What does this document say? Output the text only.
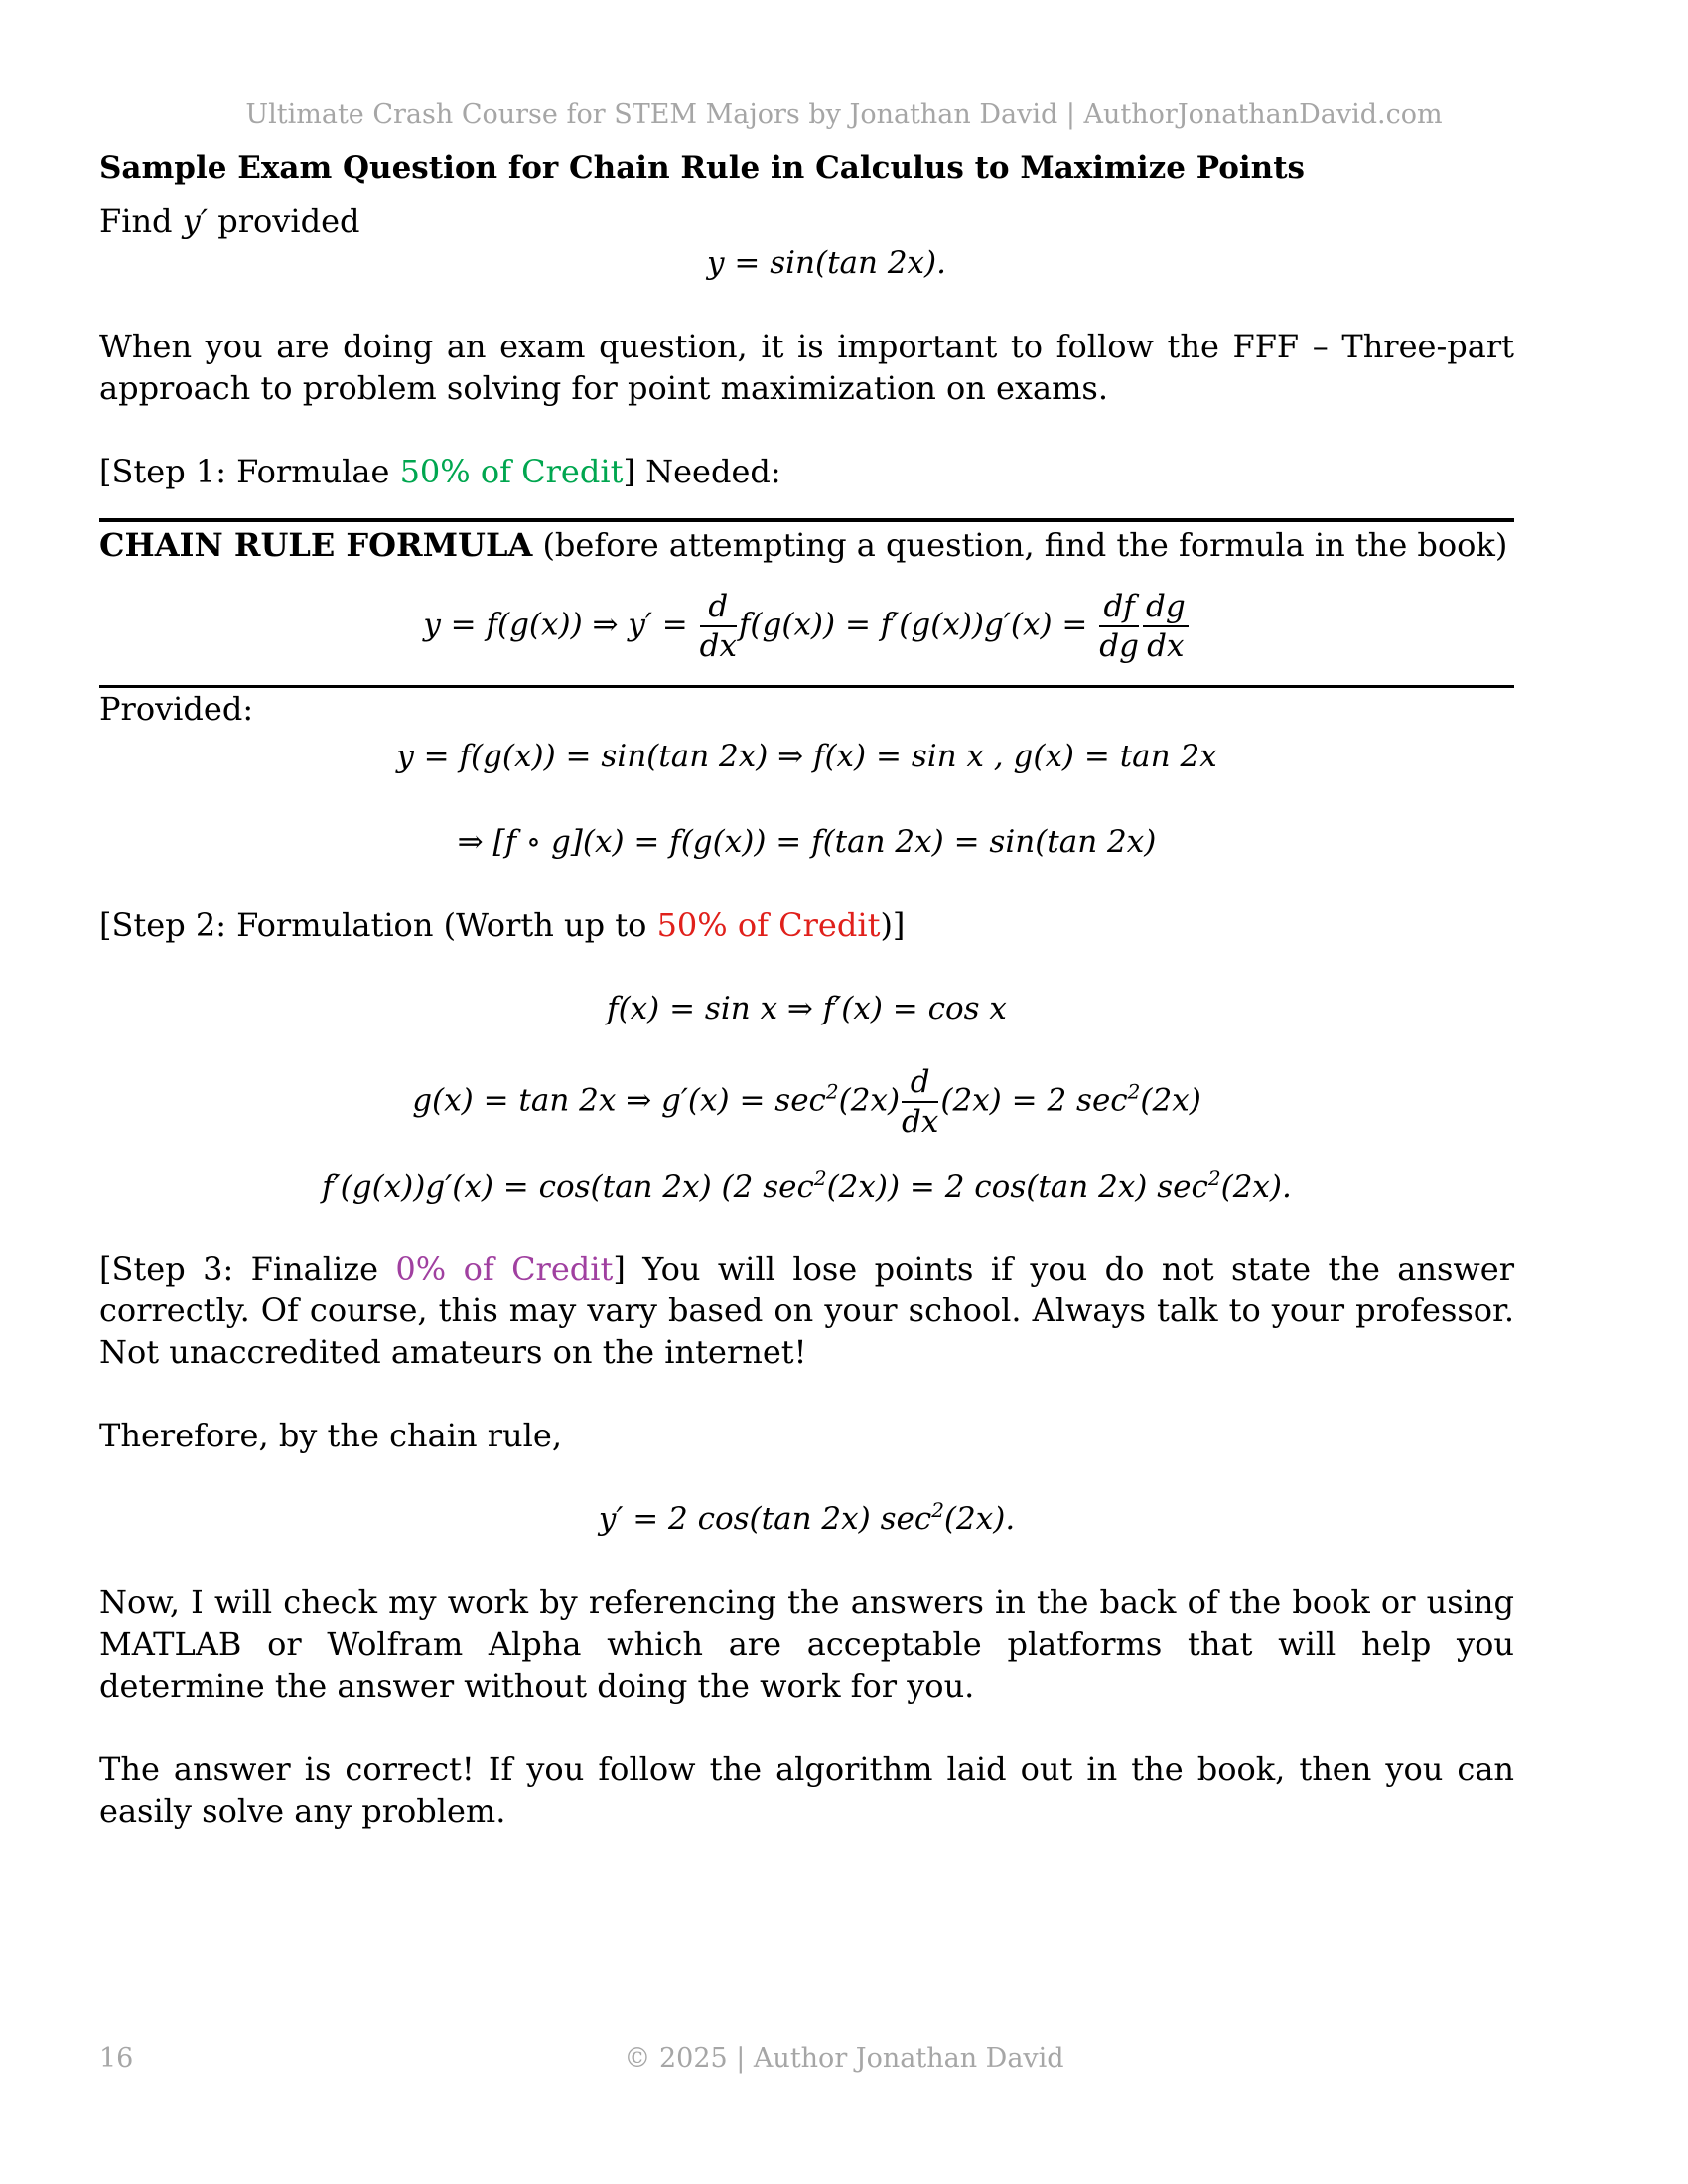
Ultimate Crash Course for STEM Majors by Jonathan David | AuthorJonathanDavid.com

Sample Exam Question for Chain Rule in Calculus to Maximize Points

Find y′ provided

y = sin(tan 2x).

When you are doing an exam question, it is important to follow the FFF – Three-part approach to problem solving for point maximization on exams.

[Step 1: Formulae 50% of Credit] Needed:

CHAIN RULE FORMULA (before attempting a question, find the formula in the book)

y = f(g(x)) ⇒ $y' = \frac{d}{dx} f(g(x)) = f'(g(x))g'(x) = \frac{df}{dg} \frac{dg}{dx}$

Provided:

y = f(g(x)) = sin(tan 2x) ⇒ f(x) = sin x , g(x) = tan 2x

⇒ [f ∘ g](x) = f(g(x)) = f(tan 2x) = sin(tan 2x)

[Step 2: Formulation (Worth up to 50% of Credit)]

f(x) = sin x ⇒ f′(x) = cos x

g(x) = tan 2x ⇒ $g'(x) = \sec^2(2x) \frac{d}{dx} (2x) = 2$ $\sec^2(2x)$

f′(g(x))g′(x) = cos(tan 2x) (2 $\sec^2(2x)) = 2$ cos(tan 2x) $\sec^2(2x)$.

[Step 3: Finalize 0% of Credit] You will lose points if you do not state the answer correctly. Of course, this may vary based on your school. Always talk to your professor. Not unaccredited amateurs on the internet!

Therefore, by the chain rule,

y′ = 2 cos(tan 2x) $\sec^2(2x)$.

Now, I will check my work by referencing the answers in the back of the book or using MATLAB or Wolfram Alpha which are acceptable platforms that will help you determine the answer without doing the work for you.

The answer is correct! If you follow the algorithm laid out in the book, then you can easily solve any problem.

16	© 2025 | Author Jonathan David
